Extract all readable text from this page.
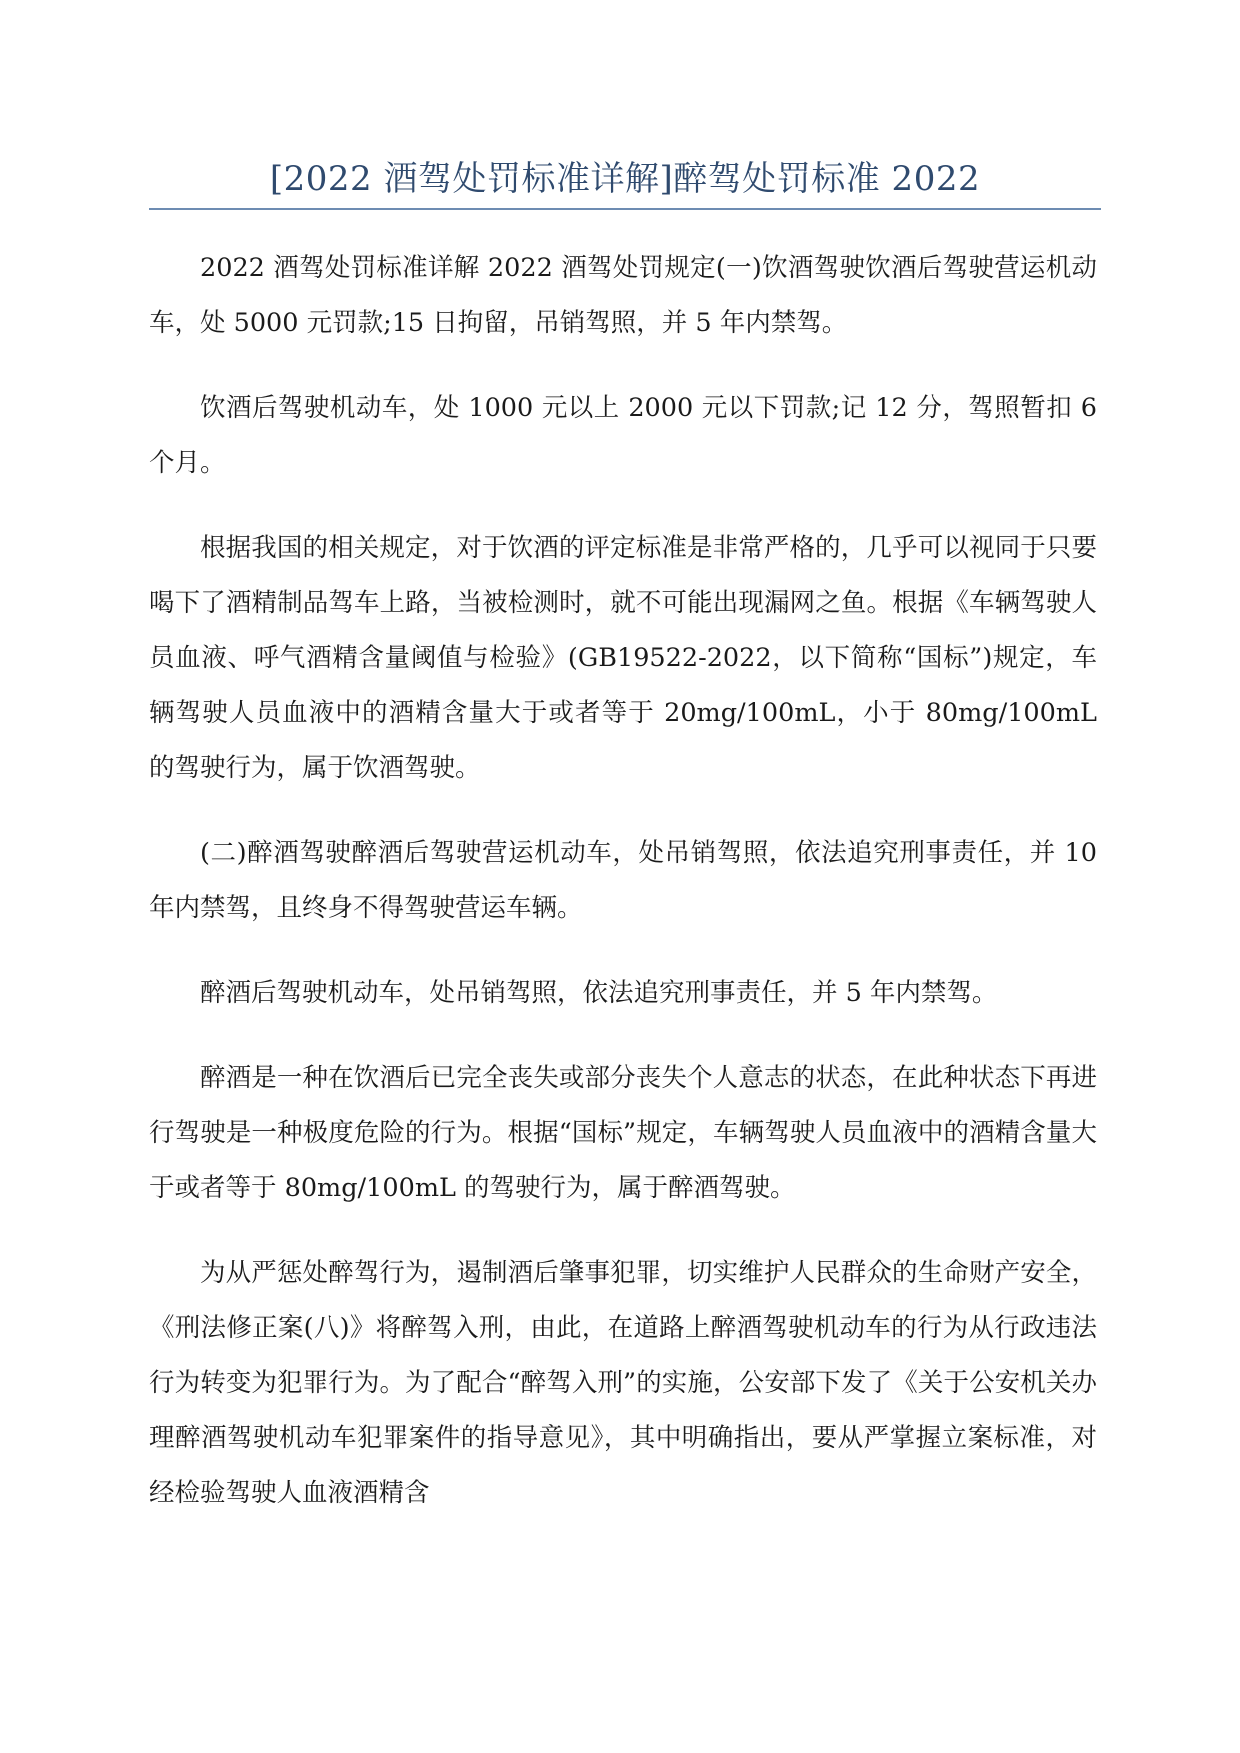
[2022 酒驾处罚标准详解]醉驾处罚标准 2022

2022 酒驾处罚标准详解 2022 酒驾处罚规定(一)饮酒驾驶饮酒后驾驶营运机动车，处 5000 元罚款;15 日拘留，吊销驾照，并 5 年内禁驾。

饮酒后驾驶机动车，处 1000 元以上 2000 元以下罚款;记 12 分，驾照暂扣 6 个月。

根据我国的相关规定，对于饮酒的评定标准是非常严格的，几乎可以视同于只要喝下了酒精制品驾车上路，当被检测时，就不可能出现漏网之鱼。根据《车辆驾驶人员血液、呼气酒精含量阈值与检验》(GB19522-2022，以下简称“国标”)规定，车辆驾驶人员血液中的酒精含量大于或者等于 20mg/100mL，小于 80mg/100mL 的驾驶行为，属于饮酒驾驶。

(二)醉酒驾驶醉酒后驾驶营运机动车，处吊销驾照，依法追究刑事责任，并 10 年内禁驾，且终身不得驾驶营运车辆。

醉酒后驾驶机动车，处吊销驾照，依法追究刑事责任，并 5 年内禁驾。

醉酒是一种在饮酒后已完全丧失或部分丧失个人意志的状态，在此种状态下再进行驾驶是一种极度危险的行为。根据“国标”规定，车辆驾驶人员血液中的酒精含量大于或者等于 80mg/100mL 的驾驶行为，属于醉酒驾驶。

为从严惩处醉驾行为，遏制酒后肇事犯罪，切实维护人民群众的生命财产安全，《刑法修正案(八)》将醉驾入刑，由此，在道路上醉酒驾驶机动车的行为从行政违法行为转变为犯罪行为。为了配合“醉驾入刑”的实施，公安部下发了《关于公安机关办理醉酒驾驶机动车犯罪案件的指导意见》，其中明确指出，要从严掌握立案标准，对经检验驾驶人血液酒精含
